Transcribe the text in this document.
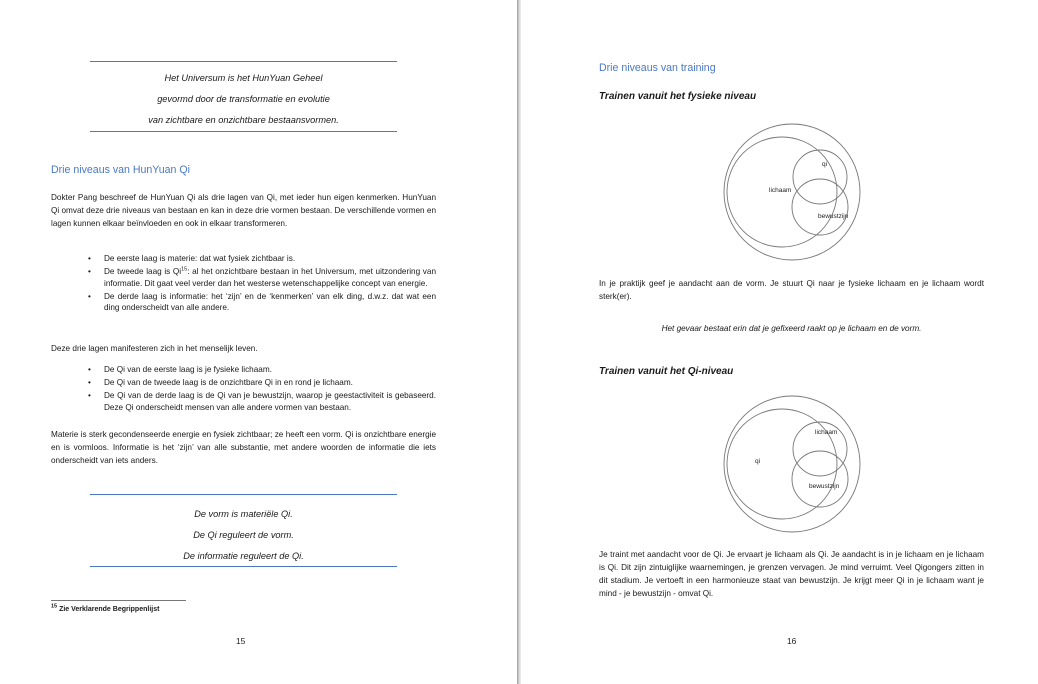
Het Universum is het HunYuan Geheel
gevormd door de transformatie en evolutie
van zichtbare en onzichtbare bestaansvormen.
Drie niveaus van HunYuan Qi
Dokter Pang beschreef de HunYuan Qi als drie lagen van Qi, met ieder hun eigen kenmerken. HunYuan Qi omvat deze drie niveaus van bestaan en kan in deze drie vormen bestaan. De verschillende vormen en lagen kunnen elkaar beïnvloeden en ook in elkaar transformeren.
• De eerste laag is materie: dat wat fysiek zichtbaar is.
• De tweede laag is Qi$^{15}$: al het onzichtbare bestaan in het Universum, met uitzondering van informatie. Dit gaat veel verder dan het westerse wetenschappelijke concept van energie.
• De derde laag is informatie: het ‘zijn’ en de ‘kenmerken’ van elk ding, d.w.z. dat wat een ding onderscheidt van alle andere.
Deze drie lagen manifesteren zich in het menselijk leven.
• De Qi van de eerste laag is je fysieke lichaam.
• De Qi van de tweede laag is de onzichtbare Qi in en rond je lichaam.
• De Qi van de derde laag is de Qi van je bewustzijn, waarop je geestactiviteit is gebaseerd. Deze Qi onderscheidt mensen van alle andere vormen van bestaan.
Materie is sterk gecondenseerde energie en fysiek zichtbaar; ze heeft een vorm. Qi is onzichtbare energie en is vormloos. Informatie is het ‘zijn’ van alle substantie, met andere woorden de informatie die iets onderscheidt van iets anders.
De vorm is materiële Qi.
De Qi reguleert de vorm.
De informatie reguleert de Qi.
$^{15}$ Zie Verklarende Begrippenlijst
15
Drie niveaus van training
Trainen vanuit het fysieke niveau
lichaam
qi
bewustzijn
In je praktijk geef je aandacht aan de vorm. Je stuurt Qi naar je fysieke lichaam en je lichaam wordt sterk(er).
Het gevaar bestaat erin dat je gefixeerd raakt op je lichaam en de vorm.
Trainen vanuit het Qi-niveau
qi
lichaam
bewustzijn
Je traint met aandacht voor de Qi. Je ervaart je lichaam als Qi. Je aandacht is in je lichaam en je lichaam is Qi. Dit zijn zintuiglijke waarnemingen, je grenzen vervagen. Je mind verruimt. Veel Qigongers zitten in dit stadium. Je vertoeft in een harmonieuze staat van bewustzijn. Je krijgt meer Qi in je lichaam want je mind - je bewustzijn - omvat Qi.
16
